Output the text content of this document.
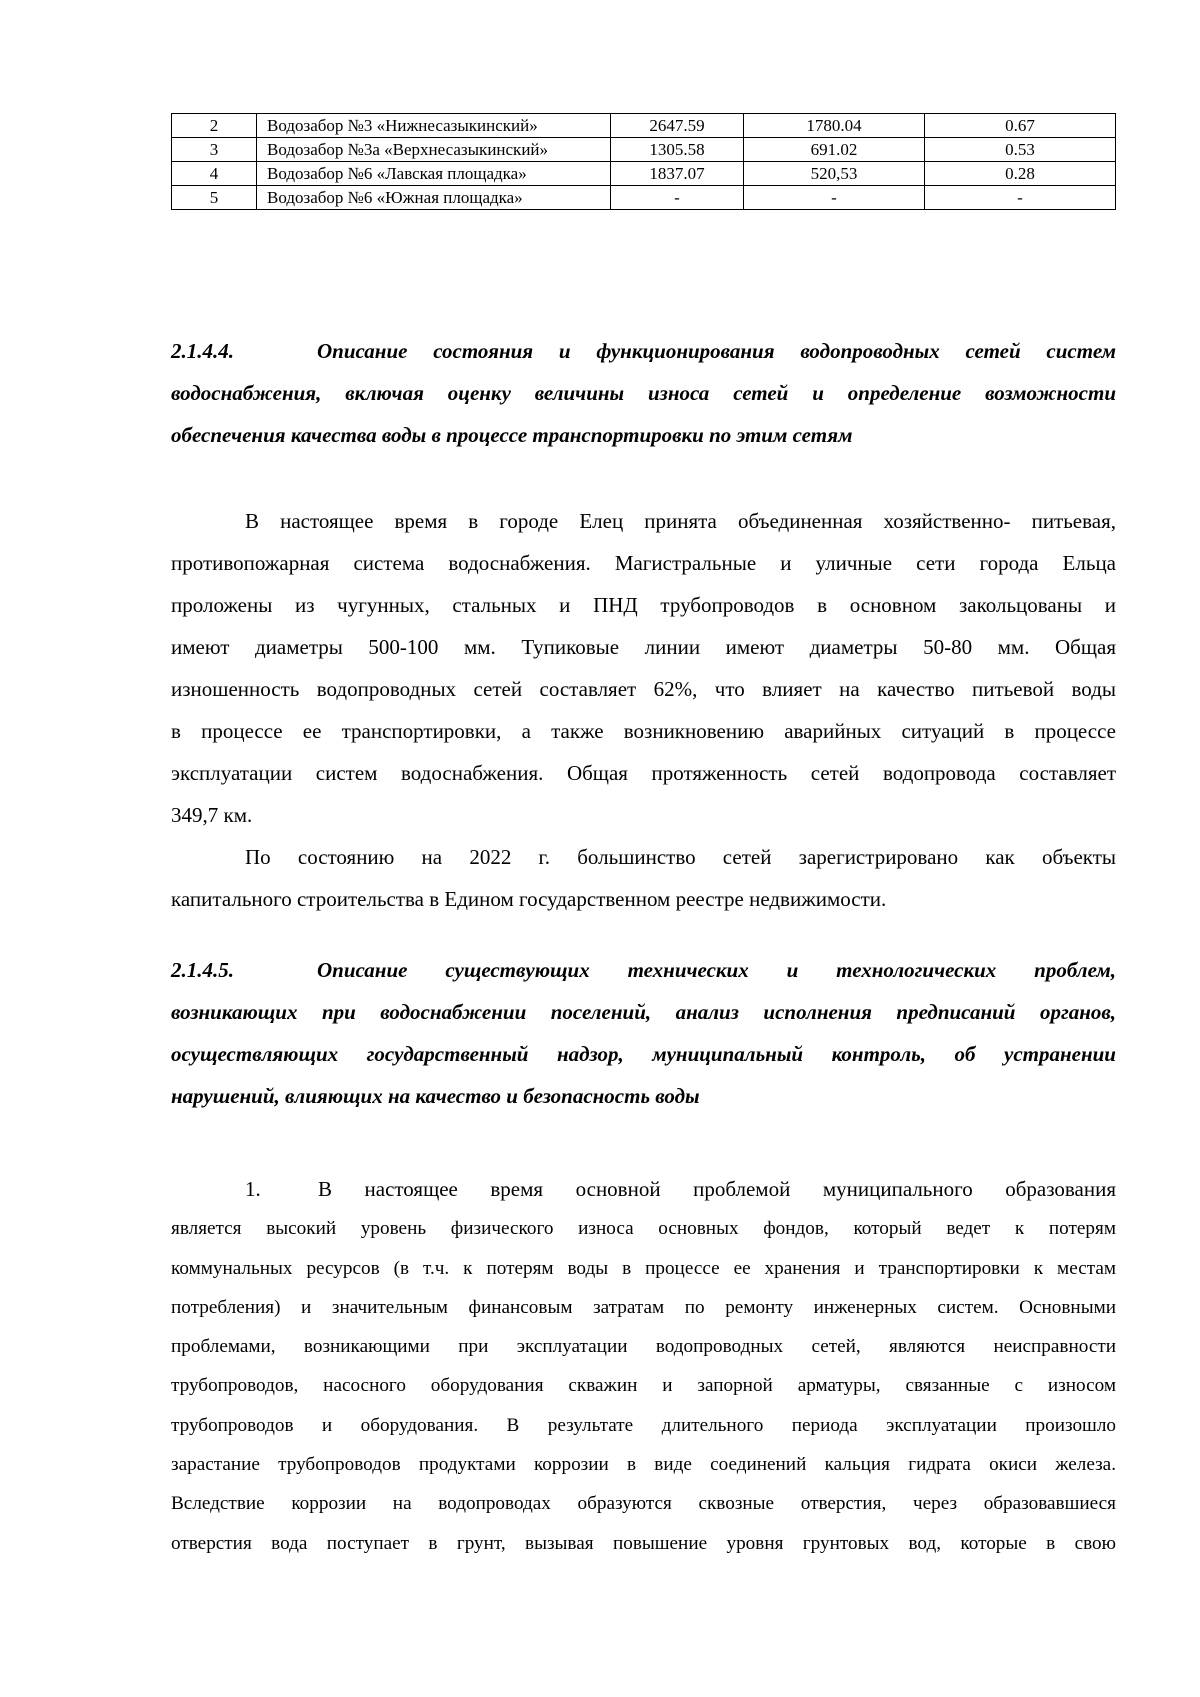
2	Водозабор №3 «Нижнесазыкинский»	2647.59	1780.04	0.67
3	Водозабор №3а «Верхнесазыкинский»	1305.58	691.02	0.53
4	Водозабор №6 «Лавская площадка»	1837.07	520,53	0.28
5	Водозабор №6 «Южная площадка»	-	-	-
2.1.4.4.	Описание состояния и функционирования водопроводных сетей систем
водоснабжения, включая оценку величины износа сетей и определение возможности
обеспечения качества воды в процессе транспортировки по этим сетям
В настоящее время в городе Елец принята объединенная хозяйственно- питьевая,
противопожарная система водоснабжения. Магистральные и уличные сети города Ельца
проложены из чугунных, стальных и ПНД трубопроводов в основном закольцованы и
имеют диаметры 500-100 мм. Тупиковые линии имеют диаметры 50-80 мм. Общая
изношенность водопроводных сетей составляет 62%, что влияет на качество питьевой воды
в процессе ее транспортировки, а также возникновению аварийных ситуаций в процессе
эксплуатации систем водоснабжения. Общая протяженность сетей водопровода составляет
349,7 км.
По состоянию на 2022 г. большинство сетей зарегистрировано как объекты
капитального строительства в Едином государственном реестре недвижимости.
2.1.4.5.	Описание существующих технических и технологических проблем,
возникающих при водоснабжении поселений, анализ исполнения предписаний органов,
осуществляющих государственный надзор, муниципальный контроль, об устранении
нарушений, влияющих на качество и безопасность воды
1.	В настоящее время основной проблемой муниципального образования
является высокий уровень физического износа основных фондов, который ведет к потерям
коммунальных ресурсов (в т.ч. к потерям воды в процессе ее хранения и транспортировки к местам
потребления) и значительным финансовым затратам по ремонту инженерных систем. Основными
проблемами, возникающими при эксплуатации водопроводных сетей, являются неисправности
трубопроводов, насосного оборудования скважин и запорной арматуры, связанные с износом
трубопроводов и оборудования. В результате длительного периода эксплуатации произошло
зарастание трубопроводов продуктами коррозии в виде соединений кальция гидрата окиси железа.
Вследствие коррозии на водопроводах образуются сквозные отверстия, через образовавшиеся
отверстия вода поступает в грунт, вызывая повышение уровня грунтовых вод, которые в свою
